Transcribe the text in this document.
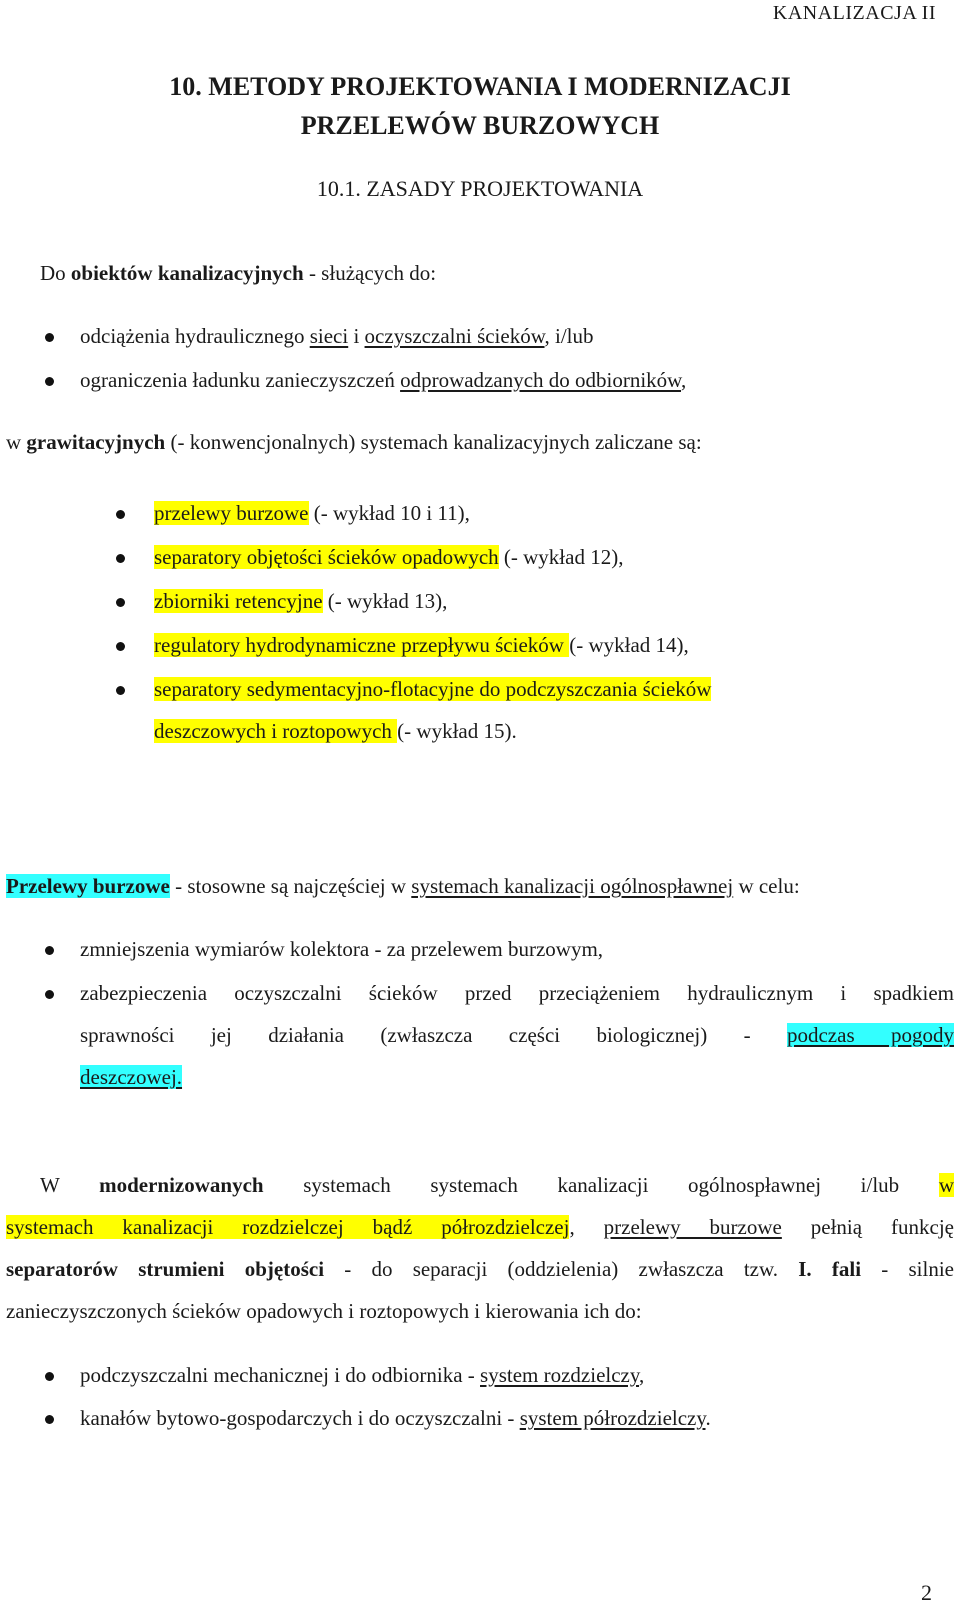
KANALIZACJA II
10. METODY PROJEKTOWANIA I MODERNIZACJI
PRZELEWÓW BURZOWYCH
10.1. ZASADY PROJEKTOWANIA
Do obiektów kanalizacyjnych - służących do:
odciążenia hydraulicznego sieci i oczyszczalni ścieków, i/lub
ograniczenia ładunku zanieczyszczeń odprowadzanych do odbiorników,
w grawitacyjnych (- konwencjonalnych) systemach kanalizacyjnych zaliczane są:
przelewy burzowe (- wykład 10 i 11),
separatory objętości ścieków opadowych (- wykład 12),
zbiorniki retencyjne (- wykład 13),
regulatory hydrodynamiczne przepływu ścieków (- wykład 14),
separatory sedymentacyjno-flotacyjne do podczyszczania ścieków
deszczowych i roztopowych (- wykład 15).
Przelewy burzowe - stosowne są najczęściej w systemach kanalizacji ogólnospławnej w celu:
zmniejszenia wymiarów kolektora - za przelewem burzowym,
zabezpieczenia oczyszczalni ścieków przed przeciążeniem hydraulicznym i spadkiem
sprawności jej działania (zwłaszcza części biologicznej) - podczas pogody
deszczowej.
W modernizowanych systemach systemach kanalizacji ogólnospławnej i/lub w
systemach kanalizacji rozdzielczej bądź półrozdzielczej, przelewy burzowe pełnią funkcję
separatorów strumieni objętości - do separacji (oddzielenia) zwłaszcza tzw. I. fali - silnie
zanieczyszczonych ścieków opadowych i roztopowych i kierowania ich do:
podczyszczalni mechanicznej i do odbiornika - system rozdzielczy,
kanałów bytowo-gospodarczych i do oczyszczalni - system półrozdzielczy.
2
